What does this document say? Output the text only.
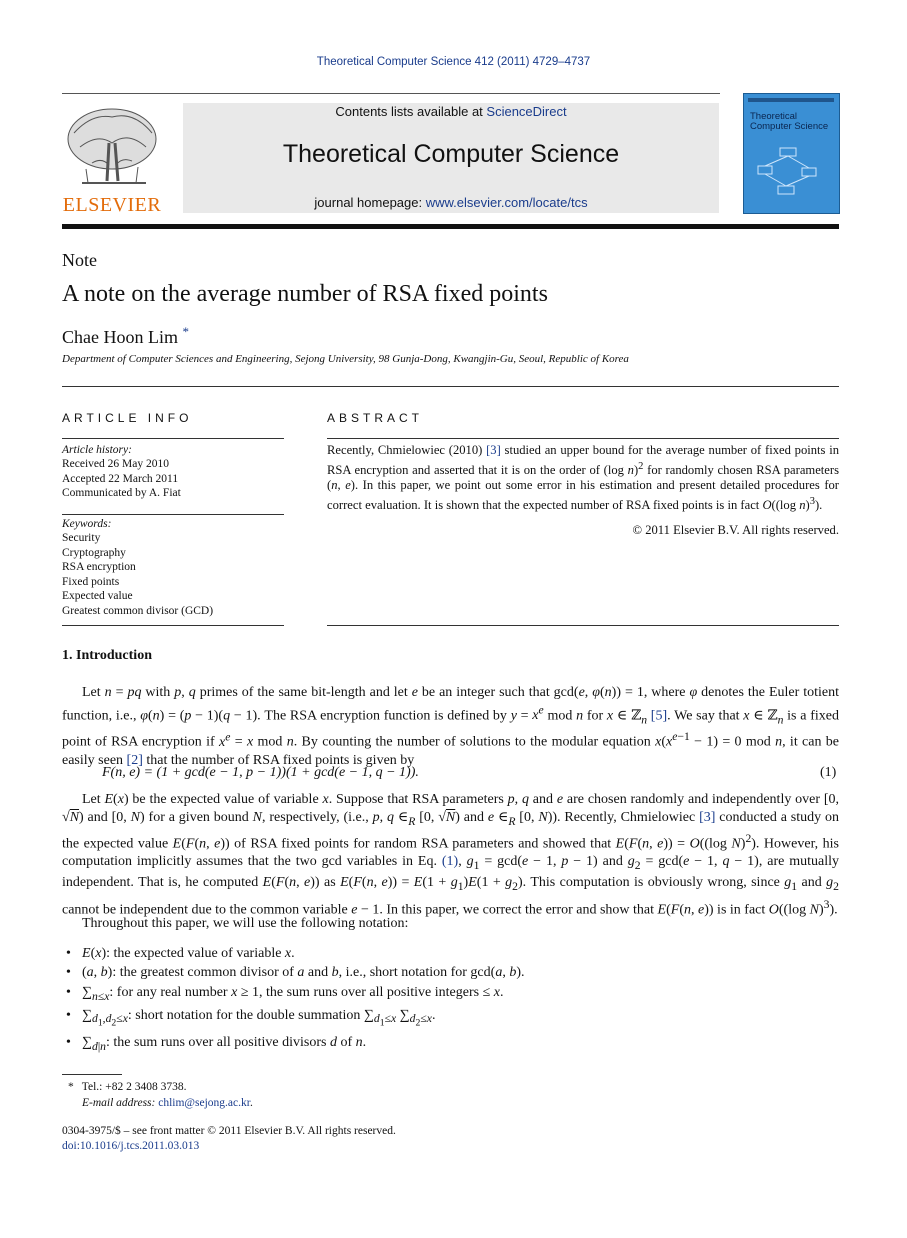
Theoretical Computer Science 412 (2011) 4729–4737
ELSEVIER
Contents lists available at ScienceDirect
Theoretical Computer Science
journal homepage: www.elsevier.com/locate/tcs
Theoretical Computer Science
Note
A note on the average number of RSA fixed points
Chae Hoon Lim *
Department of Computer Sciences and Engineering, Sejong University, 98 Gunja-Dong, Kwangjin-Gu, Seoul, Republic of Korea
ARTICLE INFO	ABSTRACT
Article history:
Received 26 May 2010
Accepted 22 March 2011
Communicated by A. Fiat
Keywords:
Security
Cryptography
RSA encryption
Fixed points
Expected value
Greatest common divisor (GCD)
Recently, Chmielowiec (2010) [3] studied an upper bound for the average number of fixed points in RSA encryption and asserted that it is on the order of (log n)$^2$ for randomly chosen RSA parameters (n, e). In this paper, we point out some error in his estimation and present detailed procedures for correct evaluation. It is shown that the expected number of RSA fixed points is in fact O((log n)$^3$).
© 2011 Elsevier B.V. All rights reserved.
1. Introduction
Let n = pq with p, q primes of the same bit-length and let e be an integer such that gcd(e, φ(n)) = 1, where φ denotes the Euler totient function, i.e., φ(n) = (p − 1)(q − 1). The RSA encryption function is defined by $y = x^e$ mod n for x ∈ ℤ$_n$ [5]. We say that x ∈ ℤ$_n$ is a fixed point of RSA encryption if $x^e = x$ mod n. By counting the number of solutions to the modular equation $x(x^{e-1} - 1) = 0$ mod n, it can be easily seen [2] that the number of RSA fixed points is given by
F(n, e) = (1 + gcd(e − 1, p − 1))(1 + gcd(e − 1, q − 1)).	(1)
Let E(x) be the expected value of variable x. Suppose that RSA parameters p, q and e are chosen randomly and independently over [0, √N) and [0, N) for a given bound N, respectively, (i.e., p, q $\in_R$ [0, √N) and e $\in_R$ [0, N)). Recently, Chmielowiec [3] conducted a study on the expected value E(F(n, e)) of RSA fixed points for random RSA parameters and showed that E(F(n, e)) = O((log N)$^2$). However, his computation implicitly assumes that the two gcd variables in Eq. (1), $g_1 = \gcd(e - 1$, p − 1) and $g_2 = \gcd(e - 1$, q − 1), are mutually independent. That is, he computed E(F(n, e)) as E(F(n, $e)) = E(1 + g_1)E(1 + g_2)$. This computation is obviously wrong, since $g_1$ and $g_2$ cannot be independent due to the common variable e − 1. In this paper, we correct the error and show that E(F(n, e)) is in fact O((log N)$^3$).
Throughout this paper, we will use the following notation:
• E(x): the expected value of variable x.
• (a, b): the greatest common divisor of a and b, i.e., short notation for gcd(a, b).
• $\sum_{n\le x}$: for any real number x ≥ 1, the sum runs over all positive integers ≤ x.
• $\sum_{d_1,d_2\le x}$: short notation for the double summation $\sum_{d_1\le x}$ $\sum_{d_2\le x}$.
• $\sum_{d|n}$: the sum runs over all positive divisors d of n.
* Tel.: +82 2 3408 3738.
E-mail address: chlim@sejong.ac.kr.
0304-3975/$ – see front matter © 2011 Elsevier B.V. All rights reserved.
doi:10.1016/j.tcs.2011.03.013
